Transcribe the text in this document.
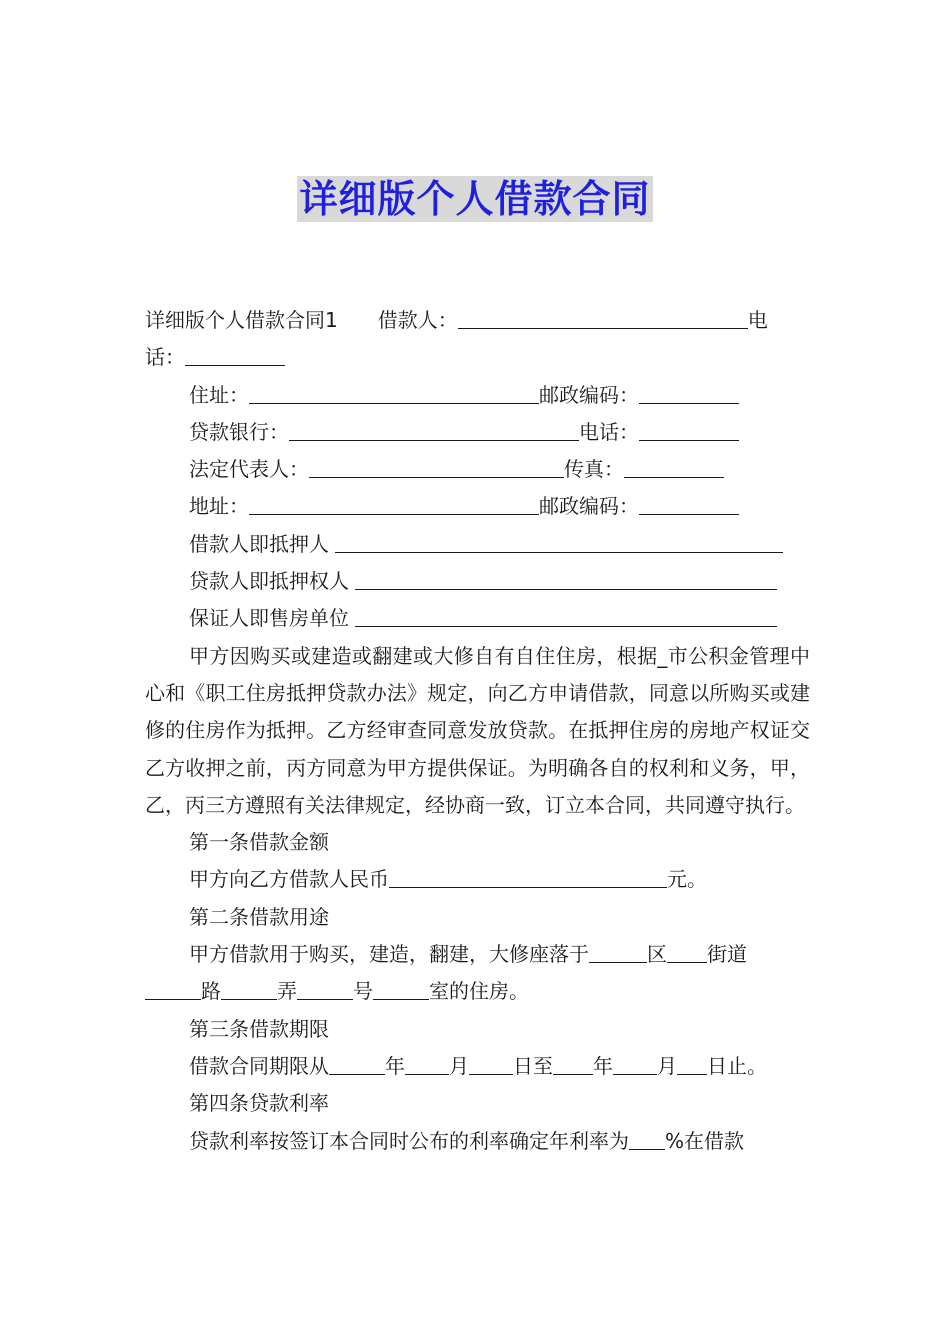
详细版个人借款合同
详细版个人借款合同1 借款人：	电
话：
住址：	邮政编码：
贷款银行：	电话：
法定代表人：	传真：
地址：	邮政编码：
借款人即抵押人
贷款人即抵押权人
保证人即售房单位
甲方因购买或建造或翻建或大修自有自住住房，根据_市公积金管理中心和《职工住房抵押贷款办法》规定，向乙方申请借款，同意以所购买或建修的住房作为抵押。乙方经审查同意发放贷款。在抵押住房的房地产权证交乙方收押之前，丙方同意为甲方提供保证。为明确各自的权利和义务，甲，乙，丙三方遵照有关法律规定，经协商一致，订立本合同，共同遵守执行。
第一条借款金额
甲方向乙方借款人民币	元。
第二条借款用途
甲方借款用于购买，建造，翻建，大修座落于	区 街道
路	弄	号	室的住房。
第三条借款期限
借款合同期限从	年 月 日至 年 月 日止。
第四条贷款利率
贷款利率按签订本合同时公布的利率确定年利率为 %在借款
